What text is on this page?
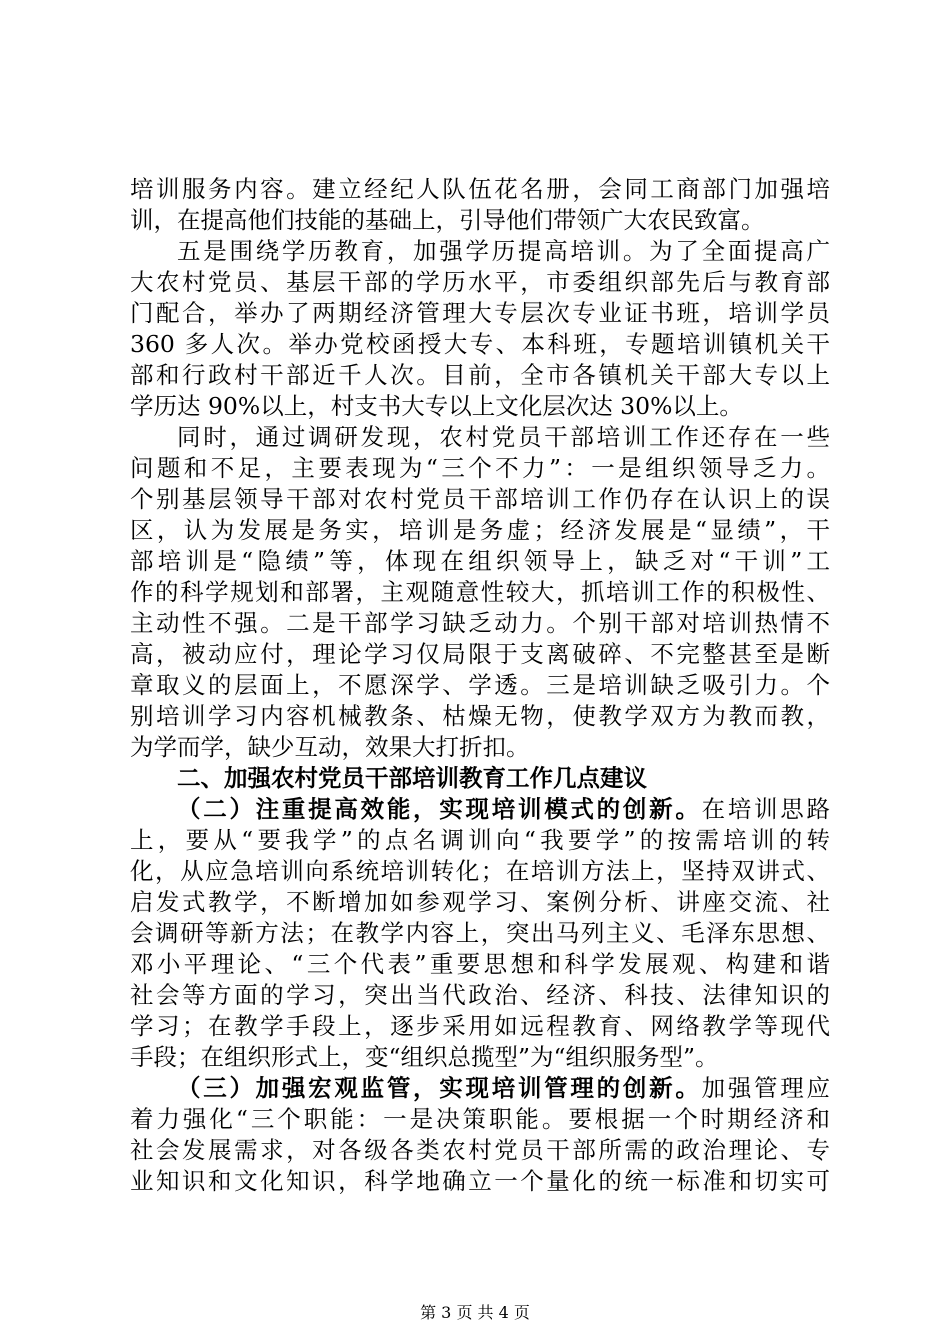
培训服务内容。建立经纪人队伍花名册，会同工商部门加强培
训，在提高他们技能的基础上，引导他们带领广大农民致富。
五是围绕学历教育，加强学历提高培训。为了全面提高广
大农村党员、基层干部的学历水平，市委组织部先后与教育部
门配合，举办了两期经济管理大专层次专业证书班，培训学员
360 多人次。举办党校函授大专、本科班，专题培训镇机关干
部和行政村干部近千人次。目前，全市各镇机关干部大专以上
学历达 90%以上，村支书大专以上文化层次达 30%以上。
同时，通过调研发现，农村党员干部培训工作还存在一些
问题和不足，主要表现为“三个不力”：一是组织领导乏力。
个别基层领导干部对农村党员干部培训工作仍存在认识上的误
区，认为发展是务实，培训是务虚；经济发展是“显绩”，干
部培训是“隐绩”等，体现在组织领导上，缺乏对“干训”工
作的科学规划和部署，主观随意性较大，抓培训工作的积极性、
主动性不强。二是干部学习缺乏动力。个别干部对培训热情不
高，被动应付，理论学习仅局限于支离破碎、不完整甚至是断
章取义的层面上，不愿深学、学透。三是培训缺乏吸引力。个
别培训学习内容机械教条、枯燥无物，使教学双方为教而教，
为学而学，缺少互动，效果大打折扣。
二、加强农村党员干部培训教育工作几点建议
（二）注重提高效能，实现培训模式的创新。在培训思路
上，要从“要我学”的点名调训向“我要学”的按需培训的转
化，从应急培训向系统培训转化；在培训方法上，坚持双讲式、
启发式教学，不断增加如参观学习、案例分析、讲座交流、社
会调研等新方法；在教学内容上，突出马列主义、毛泽东思想、
邓小平理论、“三个代表”重要思想和科学发展观、构建和谐
社会等方面的学习，突出当代政治、经济、科技、法律知识的
学习；在教学手段上，逐步采用如远程教育、网络教学等现代
手段；在组织形式上，变“组织总揽型”为“组织服务型”。
（三）加强宏观监管，实现培训管理的创新。加强管理应
着力强化“三个职能：一是决策职能。要根据一个时期经济和
社会发展需求，对各级各类农村党员干部所需的政治理论、专
业知识和文化知识，科学地确立一个量化的统一标准和切实可
第 3 页 共 4 页
